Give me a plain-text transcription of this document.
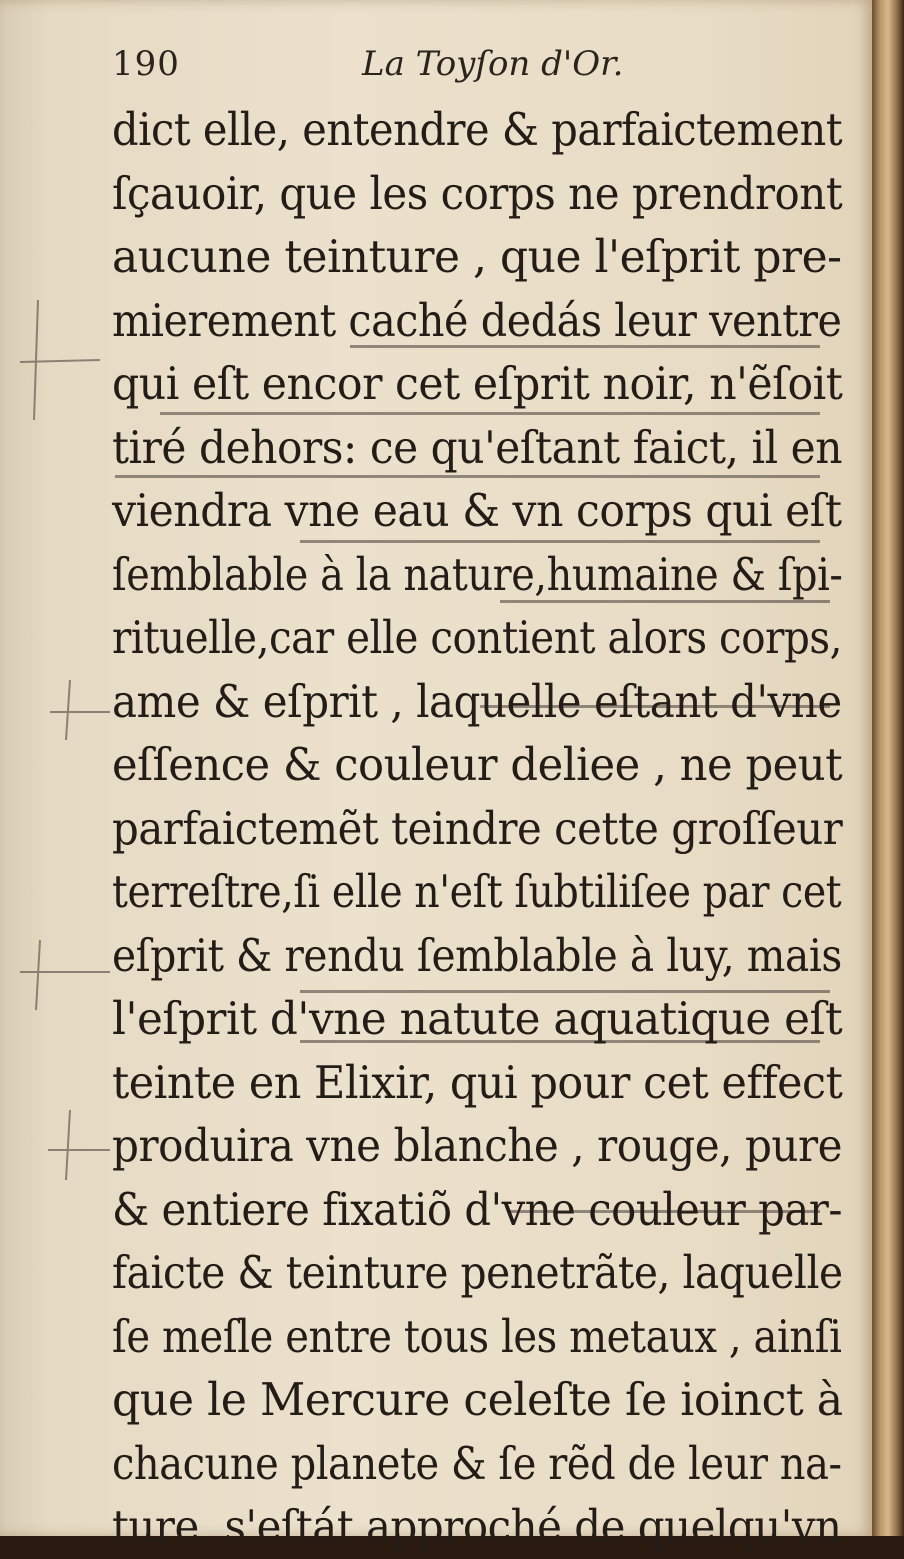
190	La Toyſon d'Or.
dict elle, entendre & parfaictement
ſçauoir, que les corps ne prendront
aucune teinture , que l'eſprit pre-
mierement caché dedás leur ventre
qui eſt encor cet eſprit noir, n'ẽſoit
tiré dehors: ce qu'eſtant faict, il en
viendra vne eau & vn corps qui eſt
ſemblable à la nature,humaine & ſpi-
rituelle,car elle contient alors corps,
ame & eſprit , laquelle eſtant d'vne
eſſence & couleur deliee , ne peut
parfaictemẽt teindre cette groſſeur
terreſtre,ſi elle n'eſt ſubtiliſee par cet
eſprit & rendu ſemblable à luy, mais
l'eſprit d'vne natute aquatique eſt
teinte en Elixir, qui pour cet effect
produira vne blanche , rouge, pure
& entiere fixatiõ d'vne couleur par-
faicte & teinture penetrãte, laquelle
ſe meſle entre tous les metaux , ainſi
que le Mercure celeſte ſe ioinct à
chacune planete & ſe rẽd de leur na-
ture, s'eſtát approché de quelqu'vn
